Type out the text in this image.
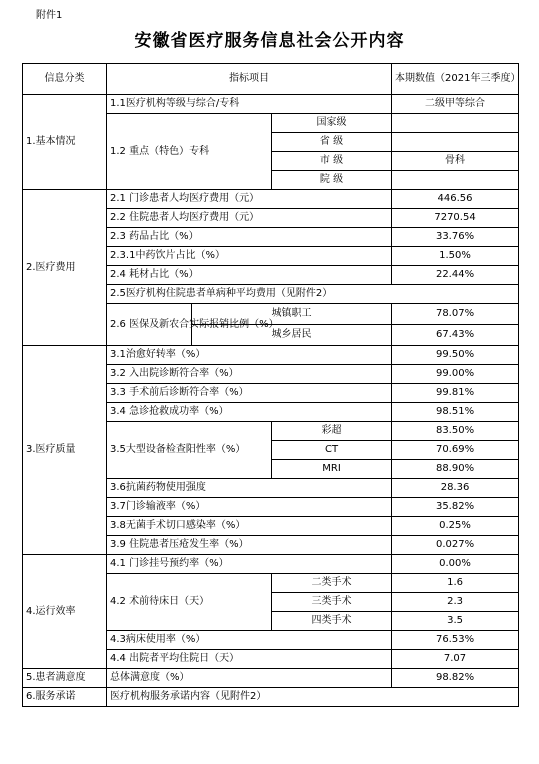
附件1
安徽省医疗服务信息社会公开内容
信息分类	指标项目			本期数值（2021年三季度）
1.基本情况	1.1医疗机构等级与综合/专科			二级甲等综合
	1.2 重点（特色）专科		国家级	
			省 级	
			市 级	骨科
			院 级	
2.医疗费用	2.1 门诊患者人均医疗费用（元）			446.56
	2.2 住院患者人均医疗费用（元）			7270.54
	2.3 药品占比（%）			33.76%
	2.3.1中药饮片占比（%）			1.50%
	2.4 耗材占比（%）			22.44%
	2.5医疗机构住院患者单病种平均费用（见附件2）			
	2.6 医保及新农合实际报销比例（%）	城镇职工		78.07%
		城乡居民		67.43%
3.医疗质量	3.1治愈好转率（%）			99.50%
	3.2 入出院诊断符合率（%）			99.00%
	3.3 手术前后诊断符合率（%）			99.81%
	3.4 急诊抢救成功率（%）			98.51%
	3.5大型设备检查阳性率（%）		彩超	83.50%
			CT	70.69%
			MRI	88.90%
	3.6抗菌药物使用强度			28.36
	3.7门诊输液率（%）			35.82%
	3.8无菌手术切口感染率（%）			0.25%
	3.9 住院患者压疮发生率（%）			0.027%
4.运行效率	4.1 门诊挂号预约率（%）			0.00%
	4.2 术前待床日（天）		二类手术	1.6
			三类手术	2.3
			四类手术	3.5
	4.3病床使用率（%）			76.53%
	4.4 出院者平均住院日（天）			7.07
5.患者满意度	总体满意度（%）			98.82%
6.服务承诺	医疗机构服务承诺内容（见附件2）			
